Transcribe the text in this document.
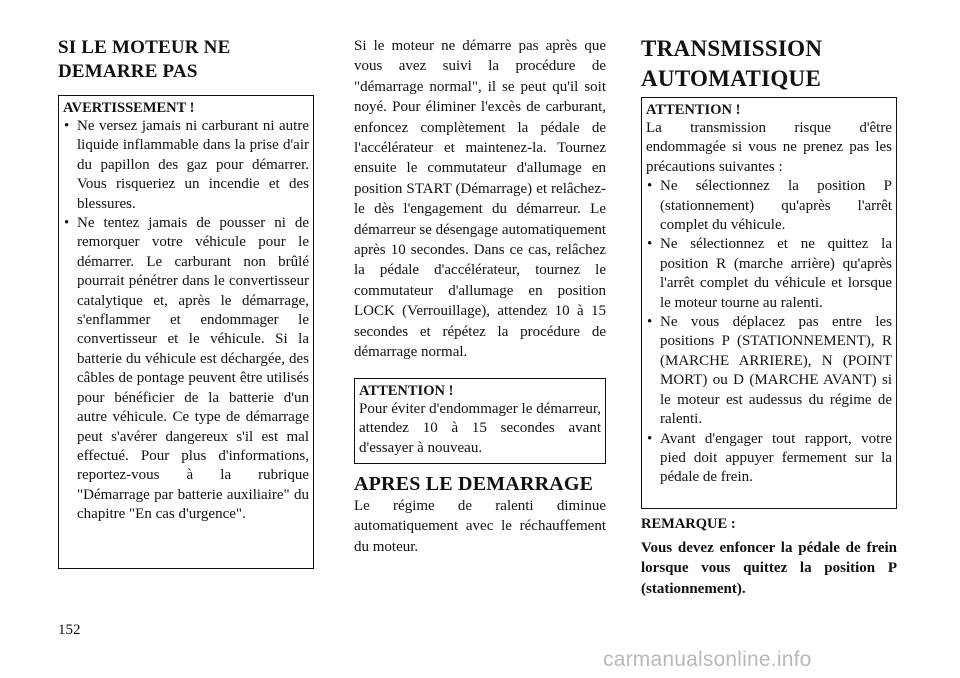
SI LE MOTEUR NE
DEMARRE PAS
AVERTISSEMENT !
• Ne versez jamais ni carburant ni autre liquide inflammable dans la prise d'air du papillon des gaz pour démarrer. Vous risqueriez un incendie et des blessures.
• Ne tentez jamais de pousser ni de remorquer votre véhicule pour le démarrer. Le carburant non brûlé pourrait pénétrer dans le convertisseur catalytique et, après le démarrage, s'enflammer et endommager le convertisseur et le véhicule. Si la batterie du véhicule est déchargée, des câbles de pontage peuvent être utilisés pour bénéficier de la batterie d'un autre véhicule. Ce type de démarrage peut s'avérer dangereux s'il est mal effectué. Pour plus d'informations, reportez-vous à la rubrique "Démarrage par batterie auxiliaire" du chapitre "En cas d'urgence".

Si le moteur ne démarre pas après que vous avez suivi la procédure de "démarrage normal", il se peut qu'il soit noyé. Pour éliminer l'excès de carburant, enfoncez complètement la pédale de l'accélérateur et maintenez-la. Tournez ensuite le commutateur d'allumage en position START (Démarrage) et relâchez-le dès l'engagement du démarreur. Le démarreur se désengage automatiquement après 10 secondes. Dans ce cas, relâchez la pédale d'accélérateur, tournez le commutateur d'allumage en position LOCK (Verrouillage), attendez 10 à 15 secondes et répétez la procédure de démarrage normal.

ATTENTION !

Pour éviter d'endommager le démarreur, attendez 10 à 15 secondes avant d'essayer à nouveau.

APRES LE DEMARRAGE

Le régime de ralenti diminue automatiquement avec le réchauffement du moteur.

TRANSMISSION
AUTOMATIQUE
ATTENTION !

La transmission risque d'être endommagée si vous ne prenez pas les précautions suivantes :

• Ne sélectionnez la position P (stationnement) qu'après l'arrêt complet du véhicule.
• Ne sélectionnez et ne quittez la position R (marche arrière) qu'après l'arrêt complet du véhicule et lorsque le moteur tourne au ralenti.
• Ne vous déplacez pas entre les positions P (STATIONNEMENT), R (MARCHE ARRIERE), N (POINT MORT) ou D (MARCHE AVANT) si le moteur est audessus du régime de ralenti.
• Avant d'engager tout rapport, votre pied doit appuyer fermement sur la pédale de frein.
REMARQUE :

Vous devez enfoncer la pédale de frein lorsque vous quittez la position P (stationnement).

152
carmanualsonline.info
